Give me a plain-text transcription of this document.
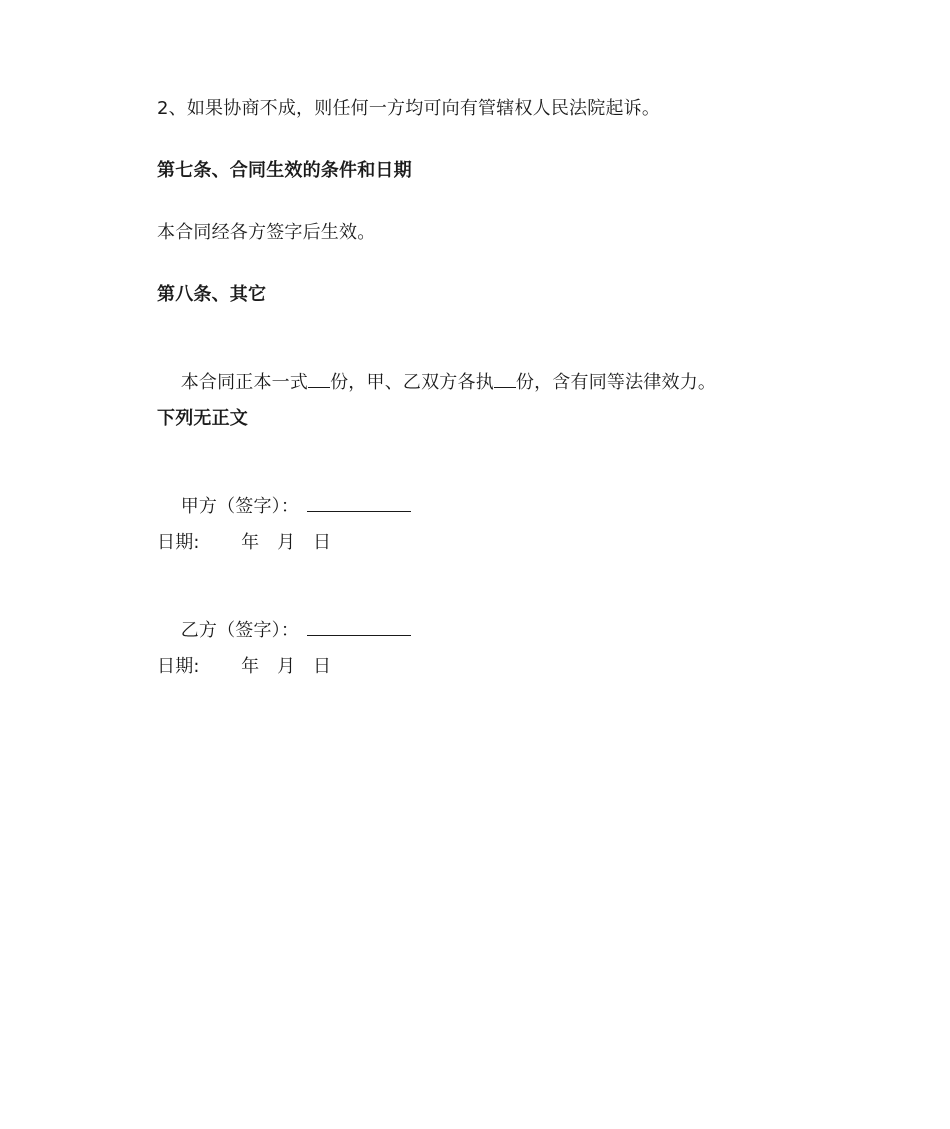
2、如果协商不成，则任何一方均可向有管辖权人民法院起诉。
第七条、合同生效的条件和日期
本合同经各方签字后生效。
第八条、其它

本合同正本一式 份，甲、乙双方各执 份，含有同等法律效力。

下列无正文

甲方（签字）：

日期:       年   月   日

乙方（签字）：

日期:       年   月   日
